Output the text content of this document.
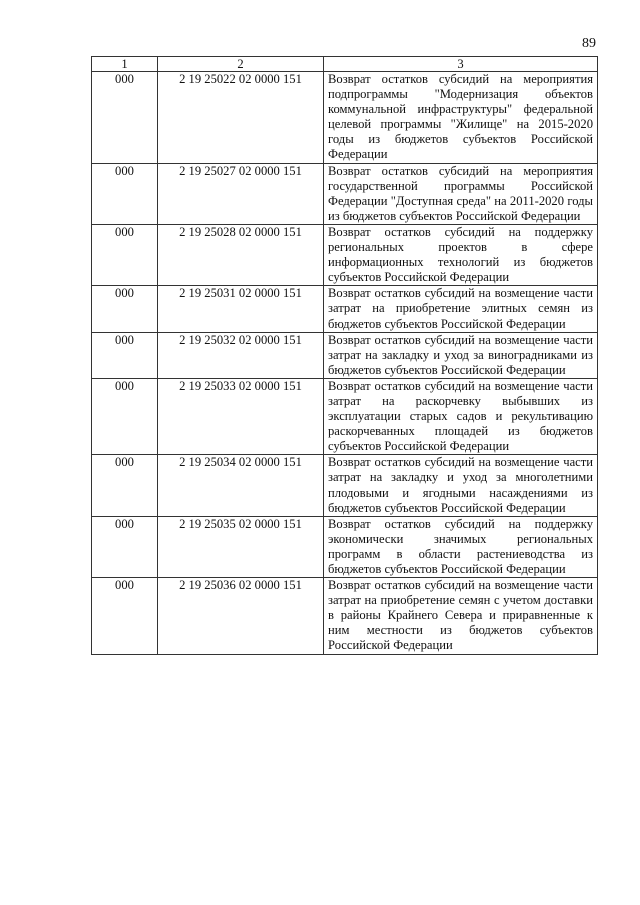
89
1	2	3
000	2 19 25022 02 0000 151	Возврат остатков субсидий на мероприятия подпрограммы "Модернизация объектов коммунальной инфраструктуры" федеральной целевой программы "Жилище" на 2015-2020 годы из бюджетов субъектов Российской Федерации
000	2 19 25027 02 0000 151	Возврат остатков субсидий на мероприятия государственной программы Российской Федерации "Доступная среда" на 2011-2020 годы из бюджетов субъектов Российской Федерации
000	2 19 25028 02 0000 151	Возврат остатков субсидий на поддержку региональных проектов в сфере информационных технологий из бюджетов субъектов Российской Федерации
000	2 19 25031 02 0000 151	Возврат остатков субсидий на возмещение части затрат на приобретение элитных семян из бюджетов субъектов Российской Федерации
000	2 19 25032 02 0000 151	Возврат остатков субсидий на возмещение части затрат на закладку и уход за виноградниками из бюджетов субъектов Российской Федерации
000	2 19 25033 02 0000 151	Возврат остатков субсидий на возмещение части затрат на раскорчевку выбывших из эксплуатации старых садов и рекультивацию раскорчеванных площадей из бюджетов субъектов Российской Федерации
000	2 19 25034 02 0000 151	Возврат остатков субсидий на возмещение части затрат на закладку и уход за многолетними плодовыми и ягодными насаждениями из бюджетов субъектов Российской Федерации
000	2 19 25035 02 0000 151	Возврат остатков субсидий на поддержку экономически значимых региональных программ в области растениеводства из бюджетов субъектов Российской Федерации
000	2 19 25036 02 0000 151	Возврат остатков субсидий на возмещение части затрат на приобретение семян с учетом доставки в районы Крайнего Севера и приравненные к ним местности из бюджетов субъектов Российской Федерации
